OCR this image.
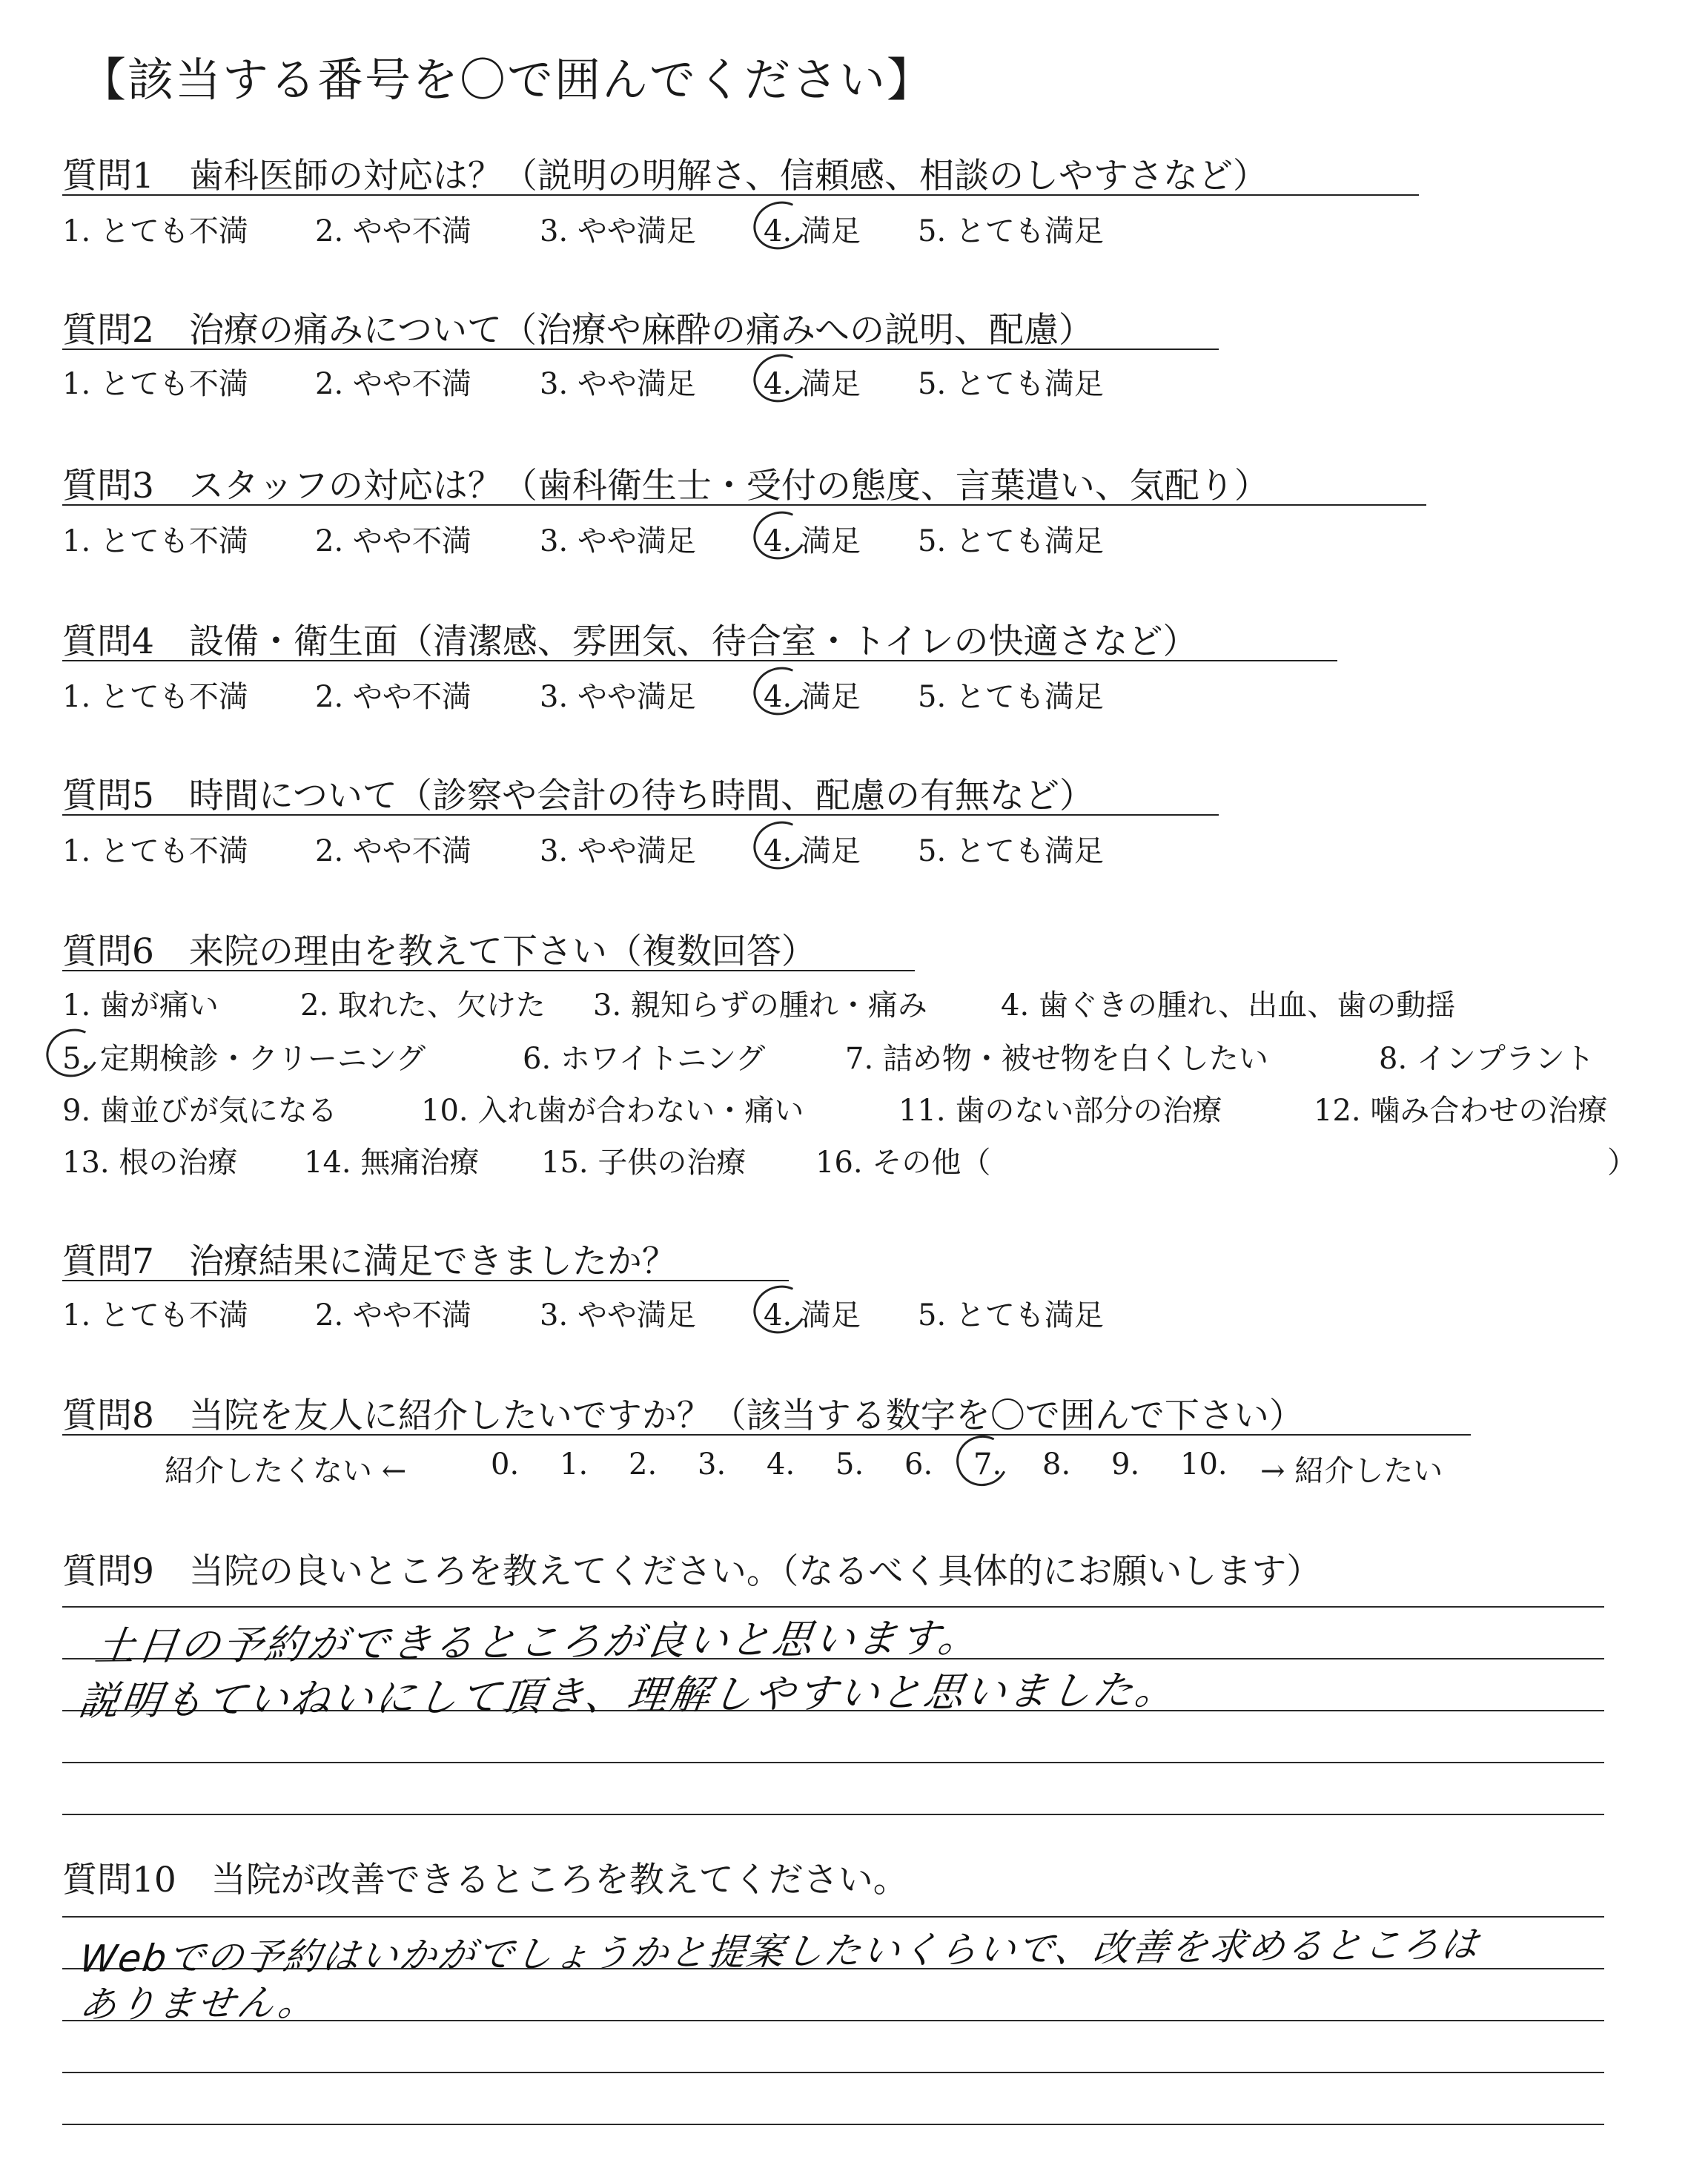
【該当する番号を〇で囲んでください】
質問1　歯科医師の対応は？（説明の明解さ、信頼感、相談のしやすさなど）
1. とても不満 2. やや不満 3. やや満足 4. 満足 5. とても満足
質問2　治療の痛みについて（治療や麻酔の痛みへの説明、配慮）
1. とても不満 2. やや不満 3. やや満足 4. 満足 5. とても満足
質問3　スタッフの対応は？（歯科衛生士・受付の態度、言葉遣い、気配り）
1. とても不満 2. やや不満 3. やや満足 4. 満足 5. とても満足
質問4　設備・衛生面（清潔感、雰囲気、待合室・トイレの快適さなど）
1. とても不満 2. やや不満 3. やや満足 4. 満足 5. とても満足
質問5　時間について（診察や会計の待ち時間、配慮の有無など）
1. とても不満 2. やや不満 3. やや満足 4. 満足 5. とても満足
質問6　来院の理由を教えて下さい（複数回答）
1. 歯が痛い	2. 取れた、欠けた 3. 親知らずの腫れ・痛み 4. 歯ぐきの腫れ、出血、歯の動揺
5. 定期検診・クリーニング	6. ホワイトニング	7. 詰め物・被せ物を白くしたい	8. インプラント
9. 歯並びが気になる	10. 入れ歯が合わない・痛い	11. 歯のない部分の治療	12. 噛み合わせの治療
13. 根の治療 14. 無痛治療 15. 子供の治療 16. その他（	）
質問7　治療結果に満足できましたか？
1. とても不満 2. やや不満 3. やや満足 4. 満足 5. とても満足
質問8　当院を友人に紹介したいですか？（該当する数字を〇で囲んで下さい）
紹介したくない ←	0. 1. 2. 3. 4. 5. 6. 7. 8. 9. 10. → 紹介したい
質問9　当院の良いところを教えてください。（なるべく具体的にお願いします）
土日の予約ができるところが良いと思います。
説明もていねいにして頂き、理解しやすいと思いました。
質問10　当院が改善できるところを教えてください。
Webでの予約はいかがでしょうかと提案したいくらいで、改善を求めるところは
ありません。
